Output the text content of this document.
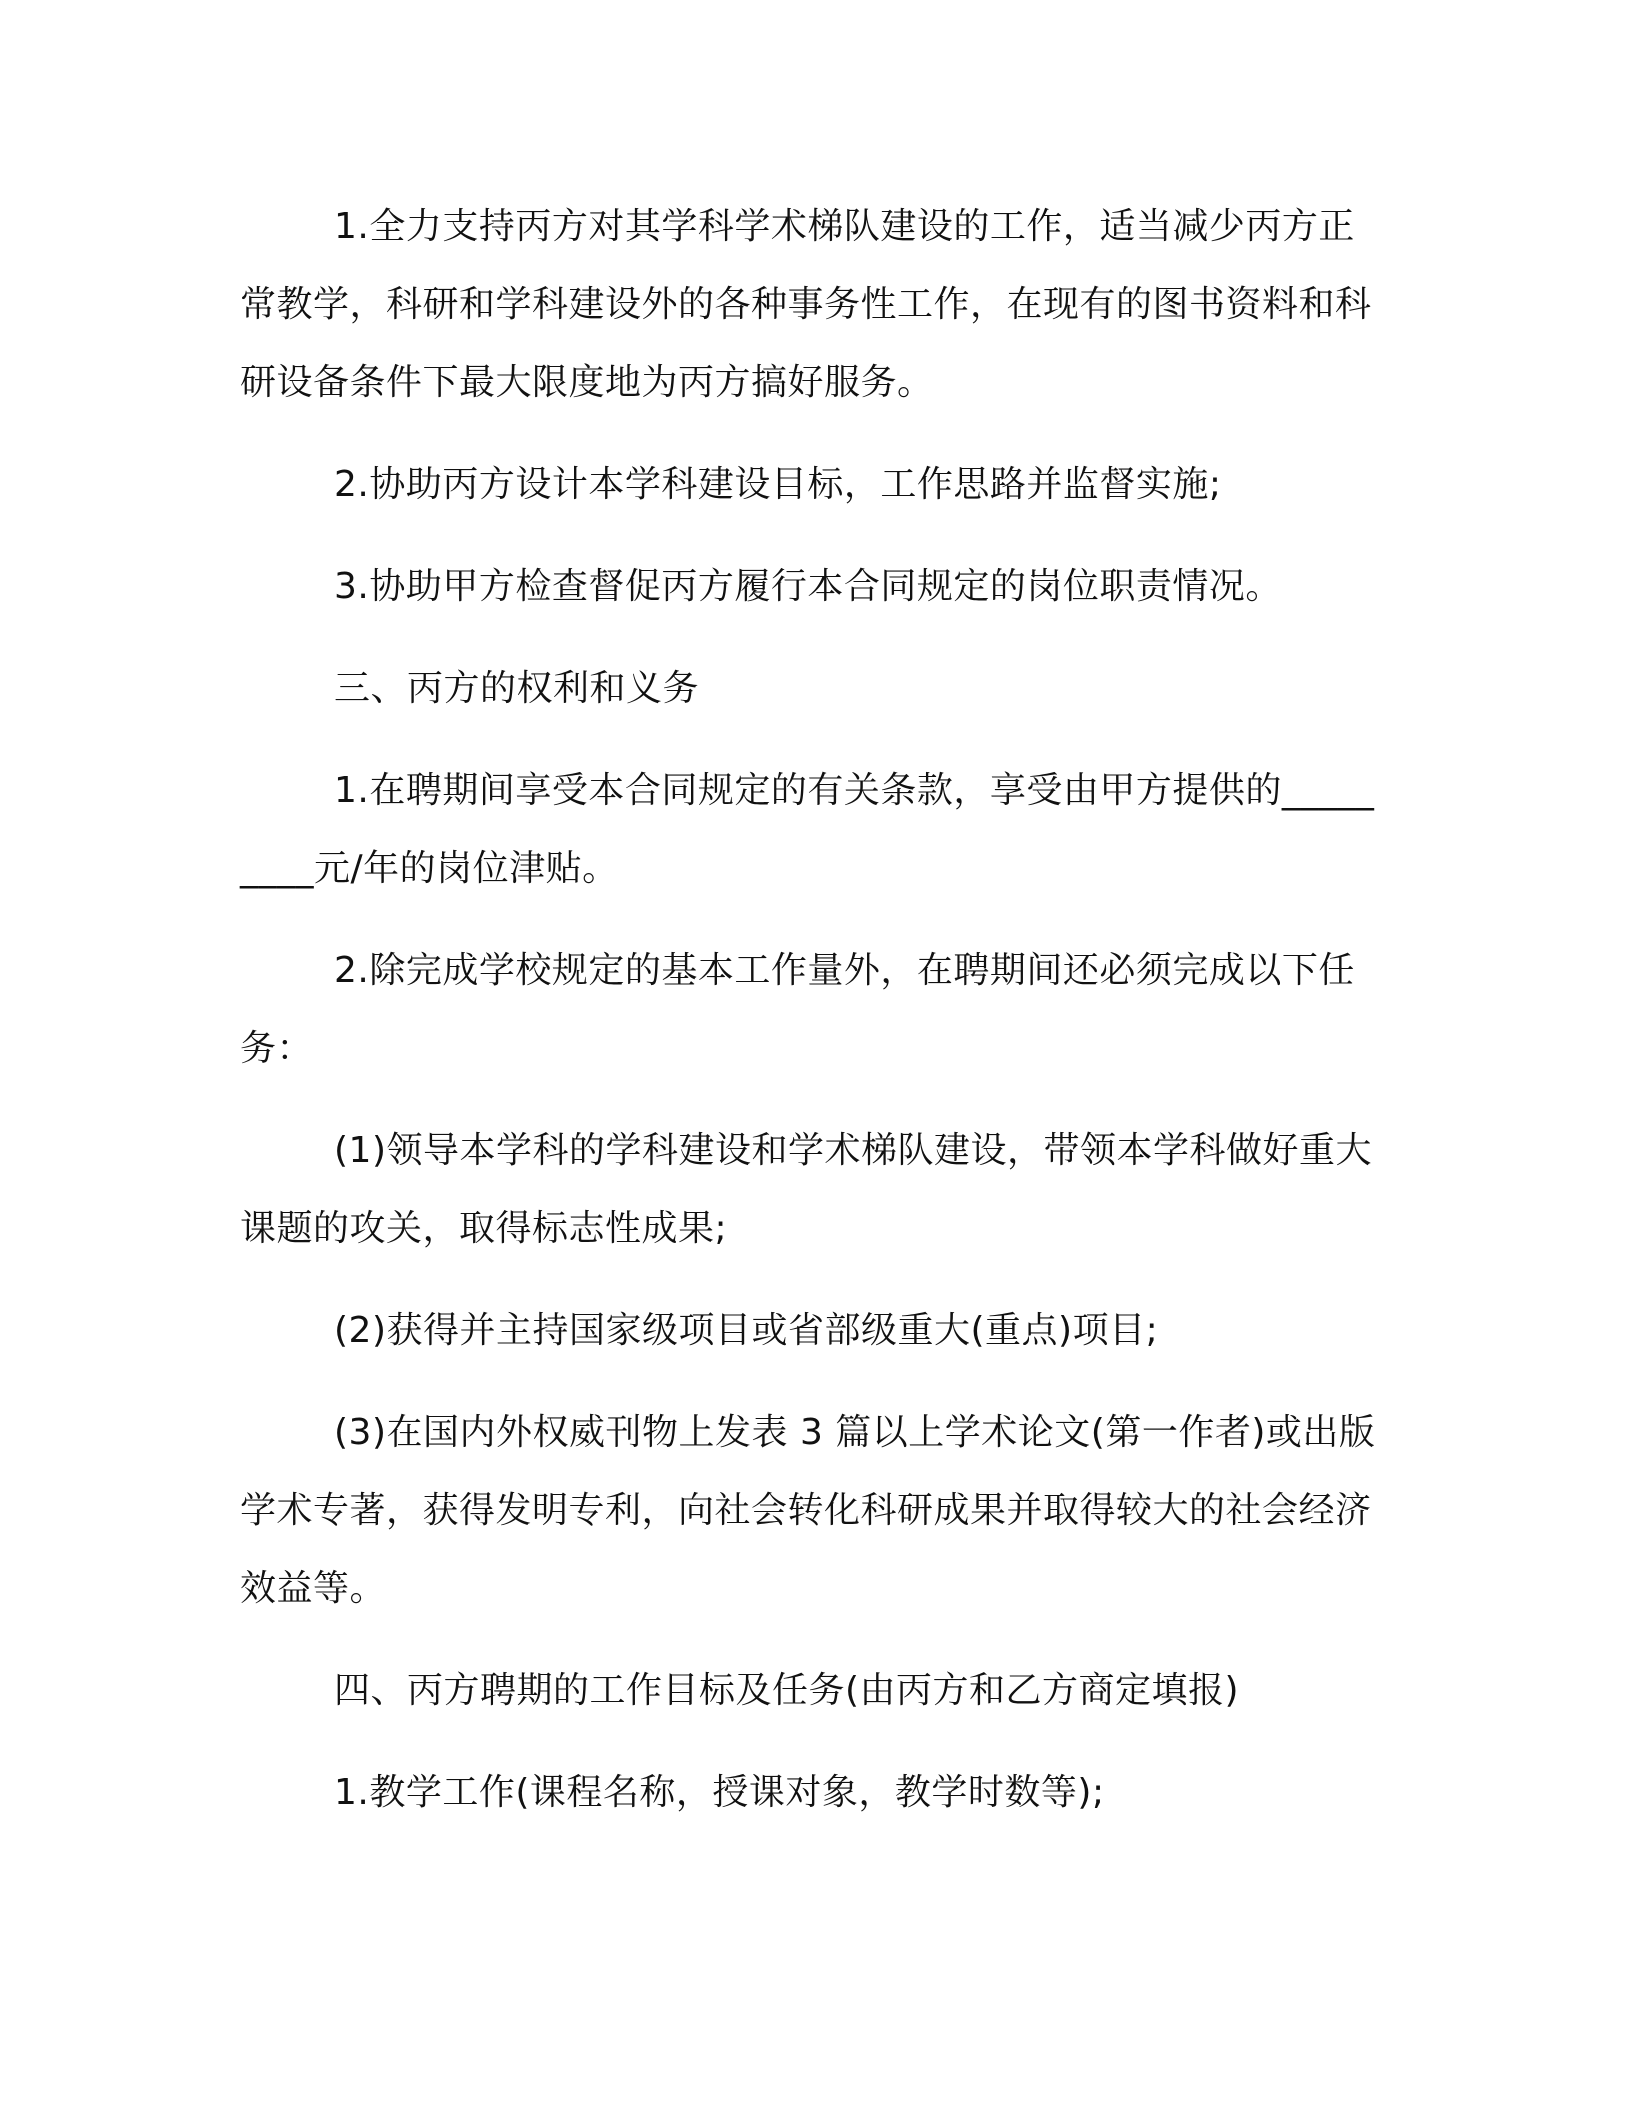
1.全力支持丙方对其学科学术梯队建设的工作，适当减少丙方正常教学，科研和学科建设外的各种事务性工作，在现有的图书资料和科研设备条件下最大限度地为丙方搞好服务。

2.协助丙方设计本学科建设目标，工作思路并监督实施;

3.协助甲方检查督促丙方履行本合同规定的岗位职责情况。

三、丙方的权利和义务

1.在聘期间享受本合同规定的有关条款，享受由甲方提供的_________元/年的岗位津贴。

2.除完成学校规定的基本工作量外，在聘期间还必须完成以下任务：

(1)领导本学科的学科建设和学术梯队建设，带领本学科做好重大课题的攻关，取得标志性成果;

(2)获得并主持国家级项目或省部级重大(重点)项目;

(3)在国内外权威刊物上发表 3 篇以上学术论文(第一作者)或出版学术专著，获得发明专利，向社会转化科研成果并取得较大的社会经济效益等。

四、丙方聘期的工作目标及任务(由丙方和乙方商定填报)

1.教学工作(课程名称，授课对象，教学时数等);
